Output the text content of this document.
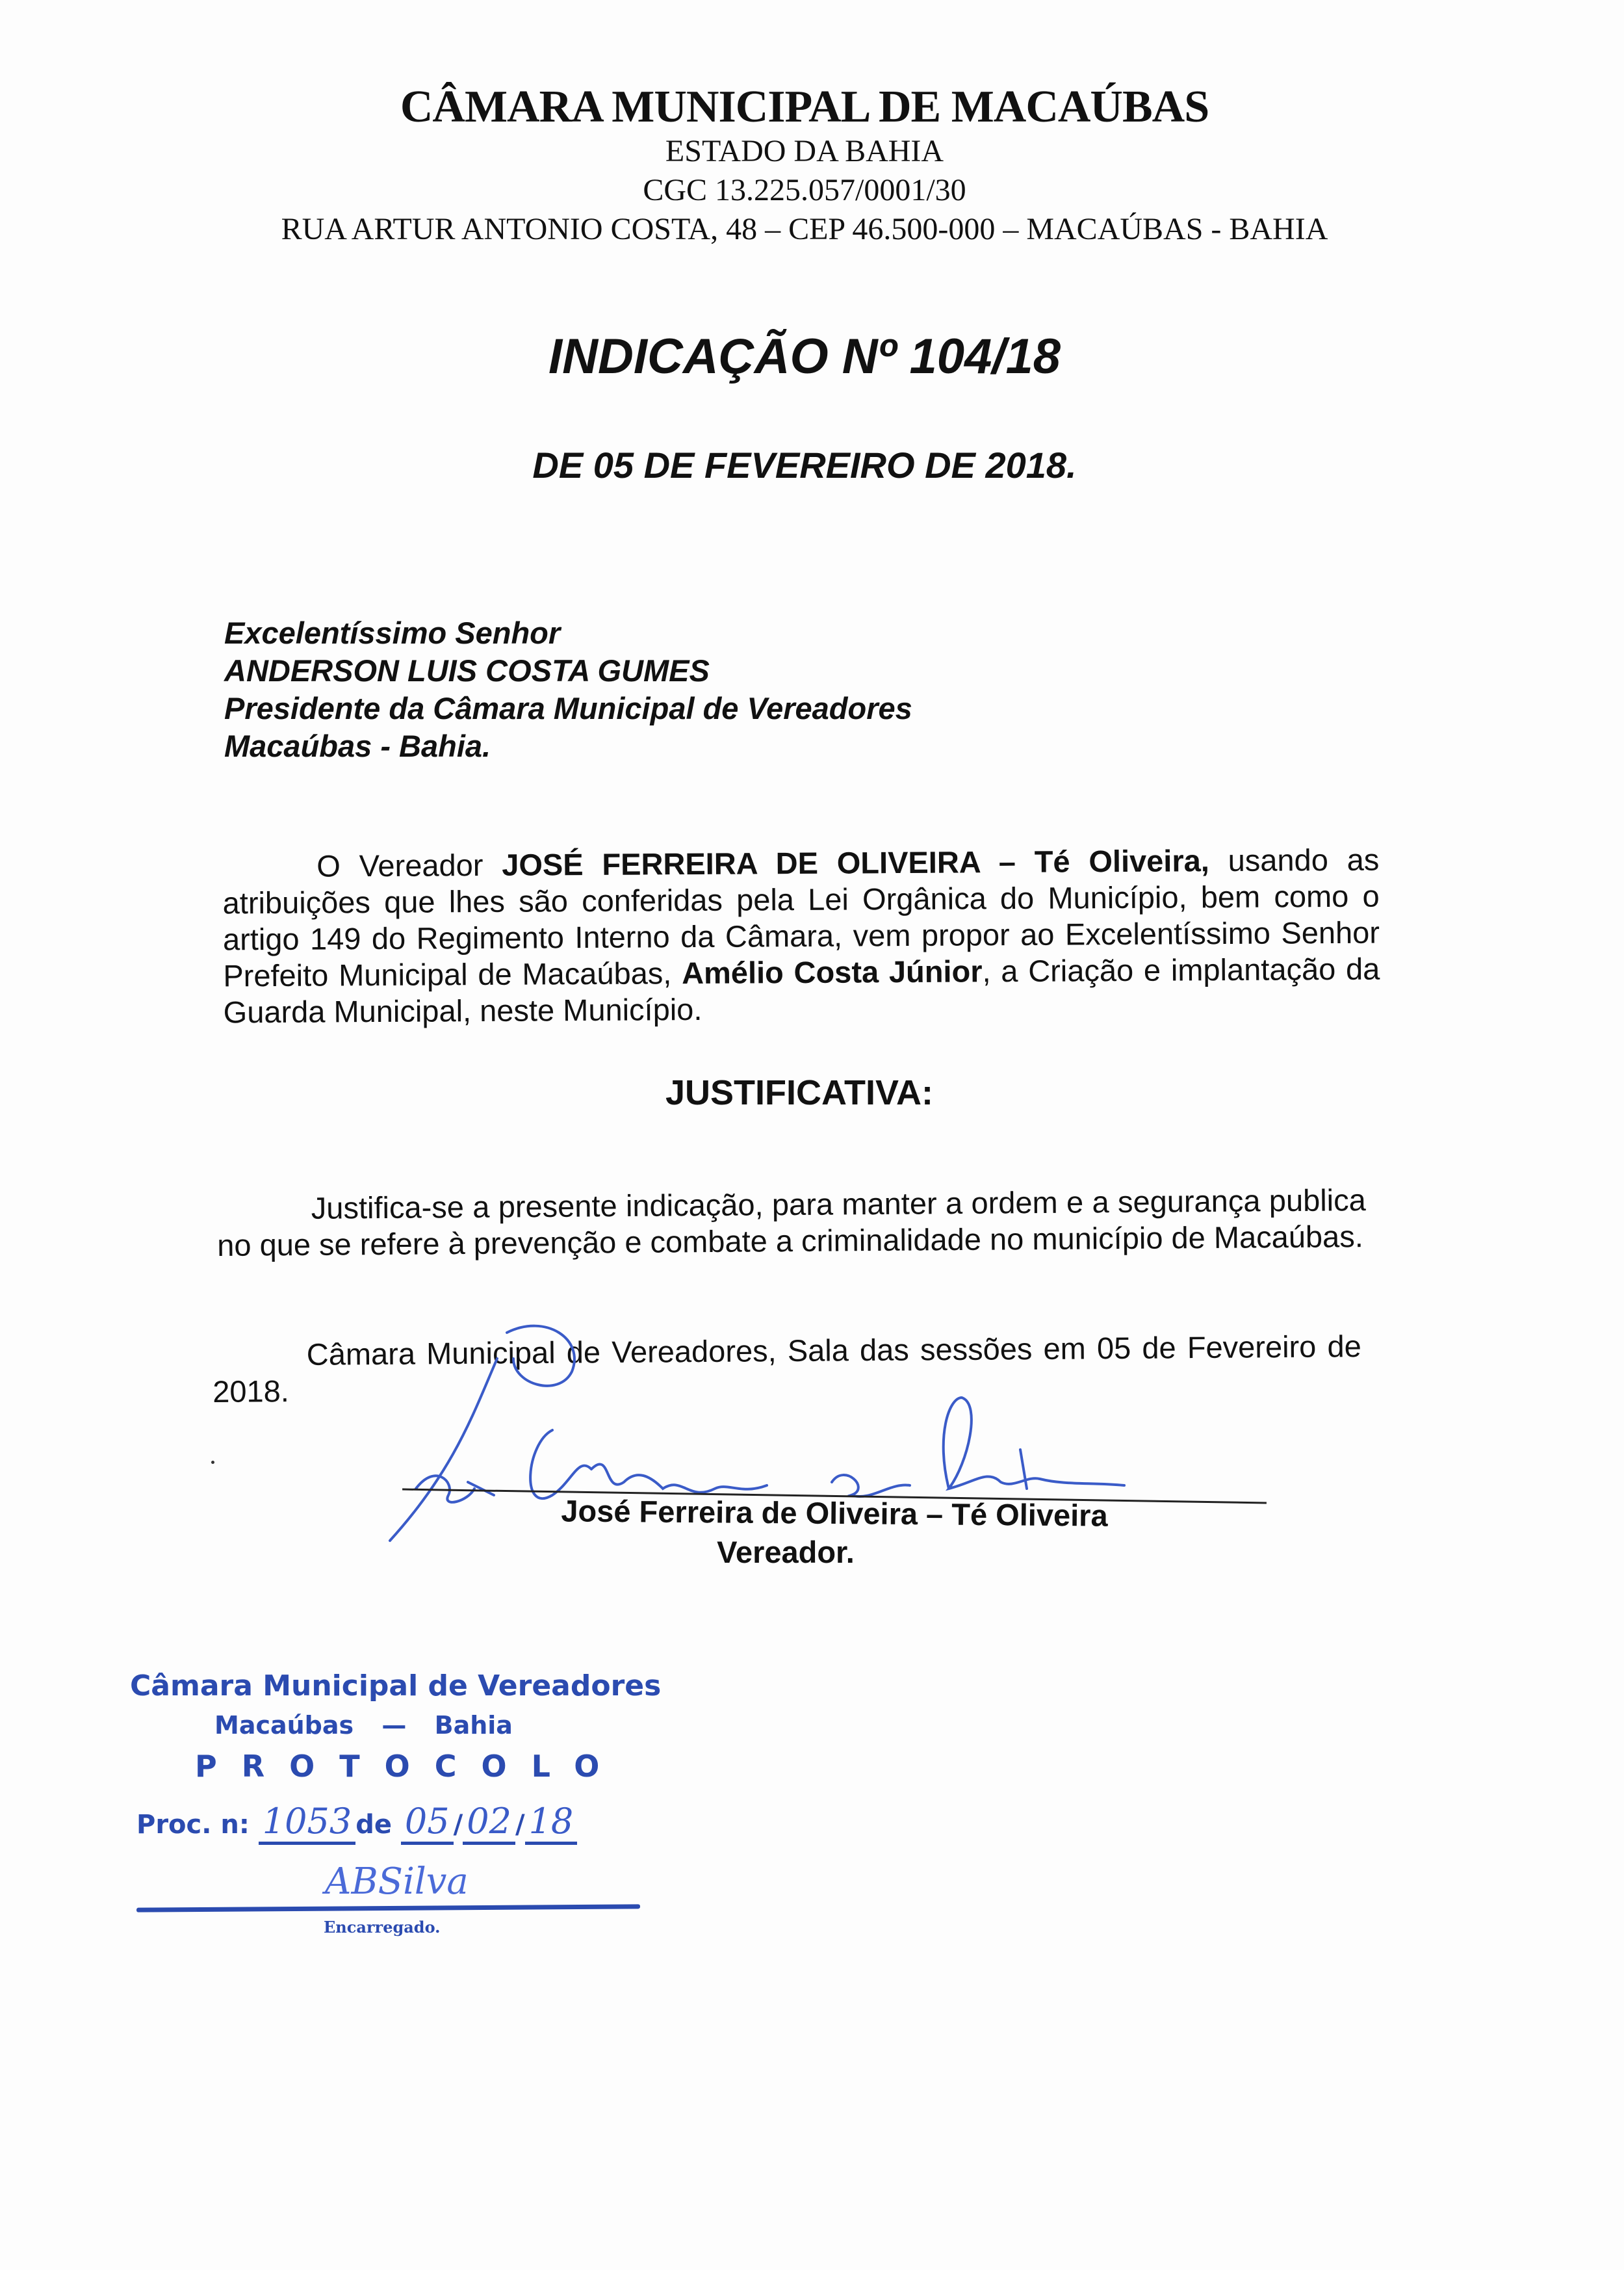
CÂMARA MUNICIPAL DE MACAÚBAS
ESTADO DA BAHIA
CGC 13.225.057/0001/30
RUA ARTUR ANTONIO COSTA, 48 – CEP 46.500-000 – MACAÚBAS - BAHIA
INDICAÇÃO Nº 104/18
DE 05 DE FEVEREIRO DE 2018.
Excelentíssimo Senhor
ANDERSON LUIS COSTA GUMES
Presidente da Câmara Municipal de Vereadores
Macaúbas - Bahia.
O Vereador JOSÉ FERREIRA DE OLIVEIRA – Té Oliveira, usando as atribuições que lhes são conferidas pela Lei Orgânica do Município, bem como o artigo 149 do Regimento Interno da Câmara, vem propor ao Excelentíssimo Senhor Prefeito Municipal de Macaúbas, Amélio Costa Júnior, a Criação e implantação da Guarda Municipal, neste Município.
JUSTIFICATIVA:
Justifica-se a presente indicação, para manter a ordem e a segurança publica no que se refere à prevenção e combate a criminalidade no município de Macaúbas.
Câmara Municipal de Vereadores, Sala das sessões em 05 de Fevereiro de 2018.
José Ferreira de Oliveira – Té Oliveira
Vereador.
Câmara Municipal de Vereadores
Macaúbas — Bahia
PROTOCOLO
Proc. n: 1053 de 05 / 02 / 18
ABSilva
Encarregado.
